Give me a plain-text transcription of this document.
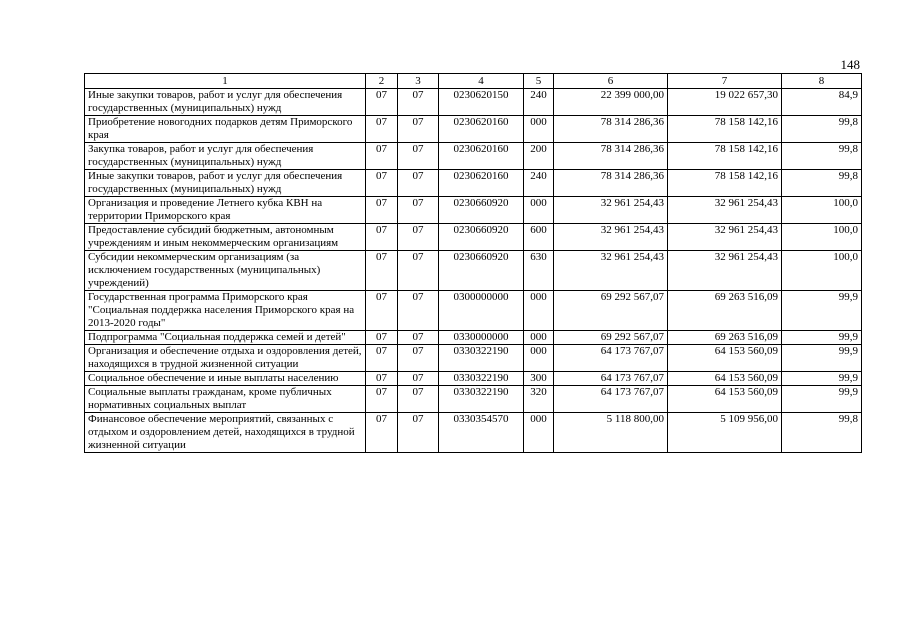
148
1	2	3	4	5	6	7	8
Иные закупки товаров, работ и услуг для обеспечения государственных (муниципальных) нужд	07	07	0230620150	240	22 399 000,00	19 022 657,30	84,9
Приобретение новогодних подарков детям Приморского края	07	07	0230620160	000	78 314 286,36	78 158 142,16	99,8
Закупка товаров, работ и услуг для обеспечения государственных (муниципальных) нужд	07	07	0230620160	200	78 314 286,36	78 158 142,16	99,8
Иные закупки товаров, работ и услуг для обеспечения государственных (муниципальных) нужд	07	07	0230620160	240	78 314 286,36	78 158 142,16	99,8
Организация и проведение Летнего кубка КВН на территории Приморского края	07	07	0230660920	000	32 961 254,43	32 961 254,43	100,0
Предоставление субсидий бюджетным, автономным учреждениям и иным некоммерческим организациям	07	07	0230660920	600	32 961 254,43	32 961 254,43	100,0
Субсидии некоммерческим организациям (за исключением государственных (муниципальных) учреждений)	07	07	0230660920	630	32 961 254,43	32 961 254,43	100,0
Государственная программа Приморского края "Социальная поддержка населения Приморского края на 2013-2020 годы"	07	07	0300000000	000	69 292 567,07	69 263 516,09	99,9
Подпрограмма "Социальная поддержка семей и детей"	07	07	0330000000	000	69 292 567,07	69 263 516,09	99,9
Организация и обеспечение отдыха и оздоровления детей, находящихся в трудной жизненной ситуации	07	07	0330322190	000	64 173 767,07	64 153 560,09	99,9
Социальное обеспечение и иные выплаты населению	07	07	0330322190	300	64 173 767,07	64 153 560,09	99,9
Социальные выплаты гражданам, кроме публичных нормативных социальных выплат	07	07	0330322190	320	64 173 767,07	64 153 560,09	99,9
Финансовое обеспечение мероприятий, связанных с отдыхом и оздоровлением детей, находящихся в трудной жизненной ситуации	07	07	0330354570	000	5 118 800,00	5 109 956,00	99,8
